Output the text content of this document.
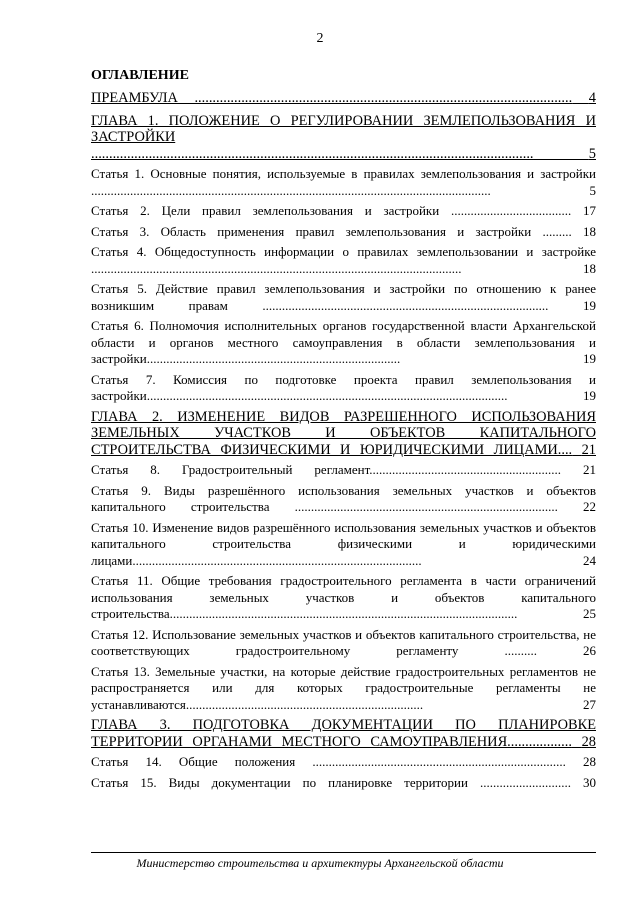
2
ОГЛАВЛЕНИЕ
ПРЕАМБУЛА ......................................................................................................... 4
ГЛАВА 1. ПОЛОЖЕНИЕ О РЕГУЛИРОВАНИИ ЗЕМЛЕПОЛЬЗОВАНИЯ И ЗАСТРОЙКИ ...........................................................................................................................	5
Статья 1. Основные понятия, используемые в правилах землепользования и застройки ...........................................................................................................................	5
Статья 2. Цели правил землепользования и застройки ..................................... 17
Статья 3. Область применения правил землепользования и застройки ......... 18
Статья 4. Общедоступность информации о правилах землепользовании и застройке ..................................................................................................................	18
Статья 5. Действие правил землепользования и застройки по отношению к ранее возникшим правам ........................................................................................	19
Статья 6. Полномочия исполнительных органов государственной власти Архангельской области и органов местного самоуправления в области землепользования и застройки..............................................................................	19
Статья 7. Комиссия по подготовке проекта правил землепользования и застройки...............................................................................................................	19
ГЛАВА 2. ИЗМЕНЕНИЕ ВИДОВ РАЗРЕШЕННОГО ИСПОЛЬЗОВАНИЯ ЗЕМЕЛЬНЫХ УЧАСТКОВ И ОБЪЕКТОВ КАПИТАЛЬНОГО СТРОИТЕЛЬСТВА ФИЗИЧЕСКИМИ И ЮРИДИЧЕСКИМИ ЛИЦАМИ.... 21
Статья 8. Градостроительный регламент........................................................... 21
Статья 9. Виды разрешённого использования земельных участков и объектов капитального строительства ................................................................................. 22
Статья 10. Изменение видов разрешённого использования земельных участков и объектов капитального строительства физическими и юридическими лицами.........................................................................................	24
Статья 11. Общие требования градостроительного регламента в части ограничений использования земельных участков и объектов капитального строительства...........................................................................................................	25
Статья 12. Использование земельных участков и объектов капитального строительства, не соответствующих градостроительному регламенту ..........	26
Статья 13. Земельные участки, на которые действие градостроительных регламентов не распространяется или для которых градостроительные регламенты не устанавливаются.........................................................................	27
ГЛАВА 3. ПОДГОТОВКА ДОКУМЕНТАЦИИ ПО ПЛАНИРОВКЕ ТЕРРИТОРИИ ОРГАНАМИ МЕСТНОГО САМОУПРАВЛЕНИЯ.................. 28
Статья 14. Общие положения .............................................................................. 28
Статья 15. Виды документации по планировке территории ............................ 30
Министерство строительства и архитектуры Архангельской области
